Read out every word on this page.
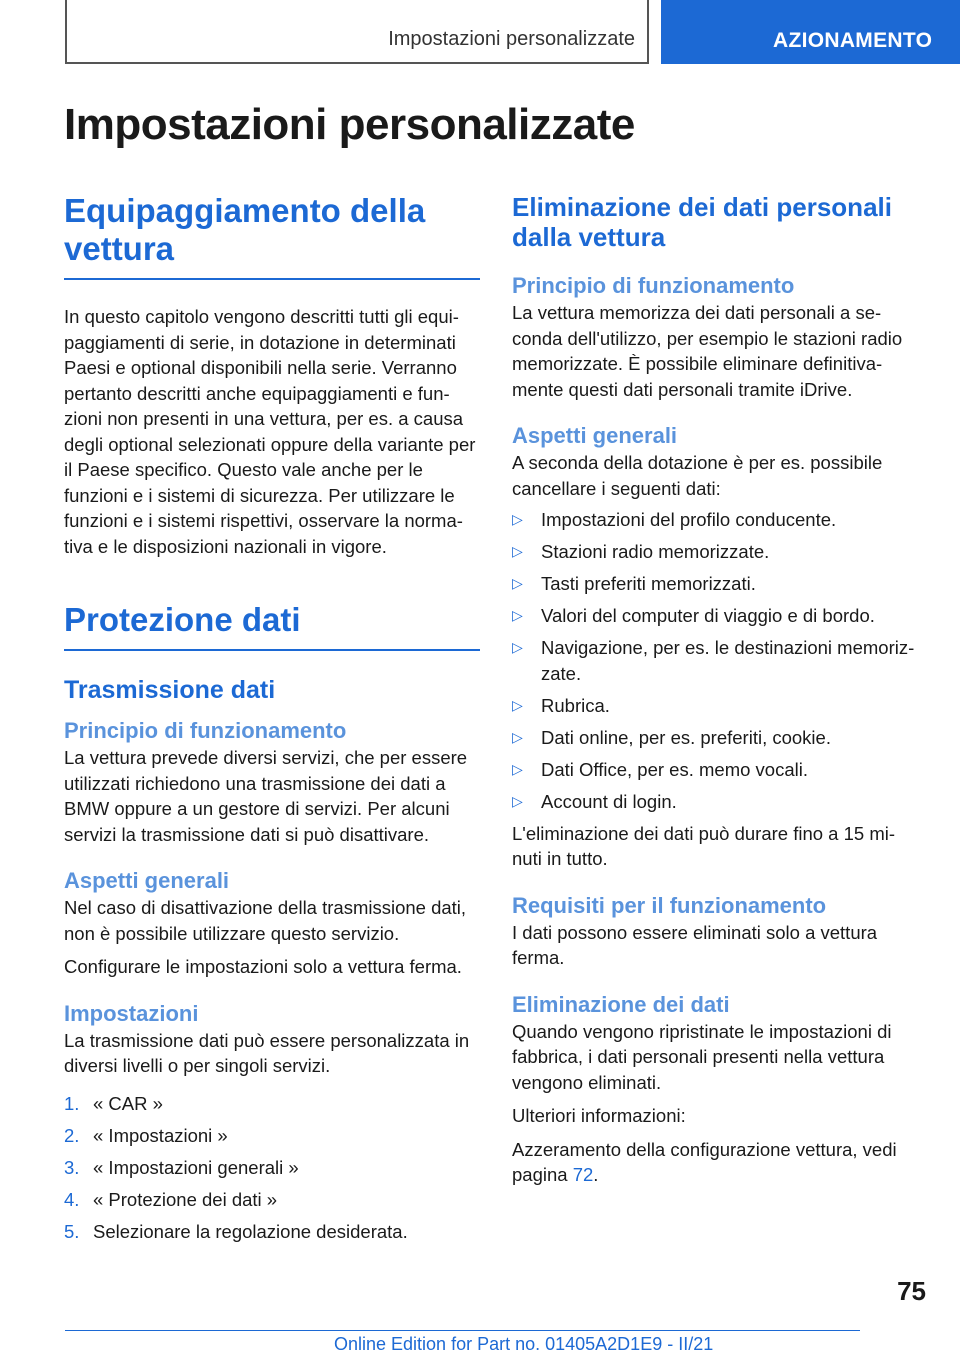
Impostazioni personalizzate	AZIONAMENTO
Impostazioni personalizzate
Equipaggiamento della vettura

In questo capitolo vengono descritti tutti gli equi-paggiamenti di serie, in dotazione in determinati Paesi e optional disponibili nella serie. Verranno pertanto descritti anche equipaggiamenti e fun-zioni non presenti in una vettura, per es. a causa degli optional selezionati oppure della variante per il Paese specifico. Questo vale anche per le funzioni e i sistemi di sicurezza. Per utilizzare le funzioni e i sistemi rispettivi, osservare la norma-tiva e le disposizioni nazionali in vigore.

Protezione dati
Trasmissione dati
Principio di funzionamento

La vettura prevede diversi servizi, che per essere utilizzati richiedono una trasmissione dei dati a BMW oppure a un gestore di servizi. Per alcuni servizi la trasmissione dati si può disattivare.

Aspetti generali

Nel caso di disattivazione della trasmissione dati, non è possibile utilizzare questo servizio.

Configurare le impostazioni solo a vettura ferma.

Impostazioni

La trasmissione dati può essere personalizzata in diversi livelli o per singoli servizi.

1. « CAR »
2. « Impostazioni »
3. « Impostazioni generali »
4. « Protezione dei dati »
5. Selezionare la regolazione desiderata.
Eliminazione dei dati personali dalla vettura
Principio di funzionamento

La vettura memorizza dei dati personali a se-conda dell'utilizzo, per esempio le stazioni radio memorizzate. È possibile eliminare definitiva-mente questi dati personali tramite iDrive.

Aspetti generali

A seconda della dotazione è per es. possibile cancellare i seguenti dati:

▷ Impostazioni del profilo conducente.
▷ Stazioni radio memorizzate.
▷ Tasti preferiti memorizzati.
▷ Valori del computer di viaggio e di bordo.
▷ Navigazione, per es. le destinazioni memoriz-zate.
▷ Rubrica.
▷ Dati online, per es. preferiti, cookie.
▷ Dati Office, per es. memo vocali.
▷ Account di login.

L'eliminazione dei dati può durare fino a 15 mi-nuti in tutto.

Requisiti per il funzionamento

I dati possono essere eliminati solo a vettura ferma.

Eliminazione dei dati

Quando vengono ripristinate le impostazioni di fabbrica, i dati personali presenti nella vettura vengono eliminati.

Ulteriori informazioni:

Azzeramento della configurazione vettura, vedi pagina 72.

75
Online Edition for Part no. 01405A2D1E9 - II/21
